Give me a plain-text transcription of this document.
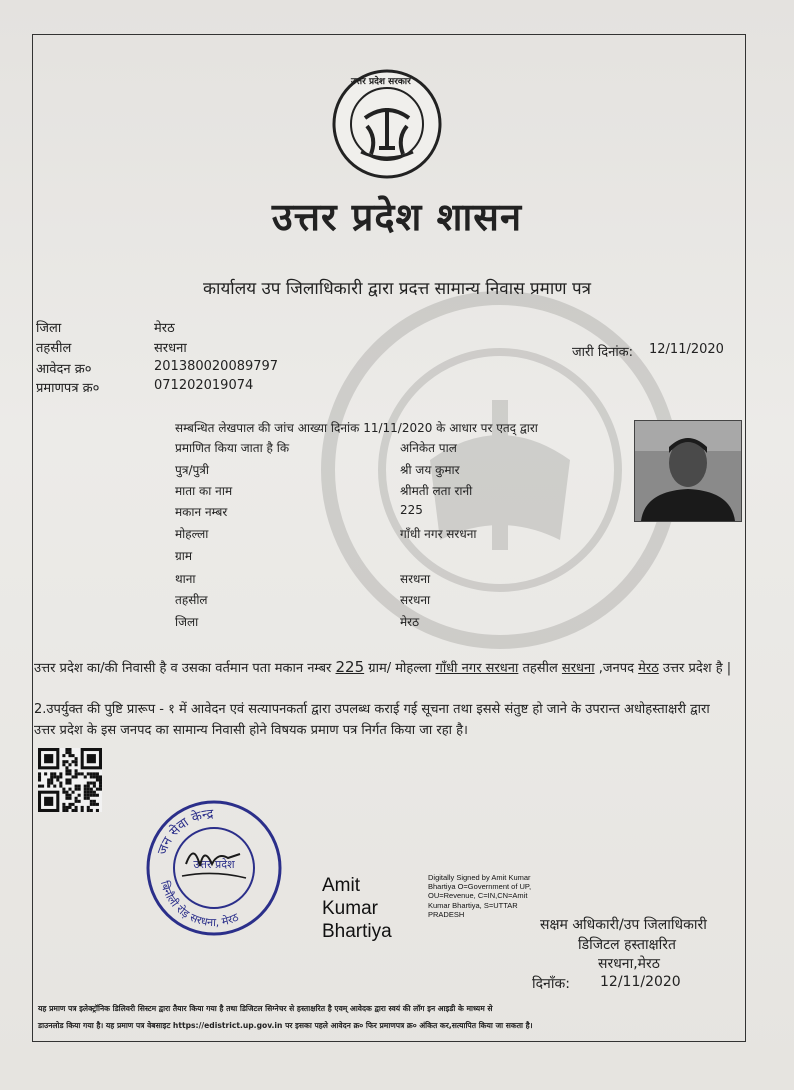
उत्तर प्रदेश सरकार
उत्तर प्रदेश शासन
कार्यालय उप जिलाधिकारी द्वारा प्रदत्त सामान्य निवास प्रमाण पत्र
जिला	मेरठ
तहसील	सरधना
आवेदन क्र०	201380020089797
प्रमाणपत्र क्र०	071202019074
जारी दिनांक: 12/11/2020
सम्बन्धित लेखपाल की जांच आख्या दिनांक 11/11/2020 के आधार पर एतद् द्वारा
प्रमाणित किया जाता है कि	अनिकेत पाल
पुत्र/पुत्री	श्री जय कुमार
माता का नाम	श्रीमती लता रानी
मकान नम्बर	225
मोहल्ला	गाँधी नगर सरधना
ग्राम
थाना	सरधना
तहसील	सरधना
जिला	मेरठ
उत्तर प्रदेश का/की निवासी है व उसका वर्तमान पता मकान नम्बर 225 ग्राम/ मोहल्ला गाँधी नगर सरधना तहसील सरधना ,जनपद मेरठ उत्तर प्रदेश है |
2.उपर्युक्त की पुष्टि प्रारूप - १ में आवेदन एवं सत्यापनकर्ता द्वारा उपलब्ध कराई गई सूचना तथा इससे संतुष्ट हो जाने के उपरान्त अधोहस्ताक्षरी द्वारा उत्तर प्रदेश के इस जनपद का सामान्य निवासी होने विषयक प्रमाण पत्र निर्गत किया जा रहा है।
जन सेवा केन्द्र
बिनौली रोड़ सरधना, मेरठ
उत्तर प्रदेश
Amit Kumar Bhartiya
Digitally Signed by Amit Kumar Bhartiya O=Government of UP, OU=Revenue, C=IN,CN=Amit Kumar Bhartiya, S=UTTAR PRADESH
सक्षम अधिकारी/उप जिलाधिकारी
डिजिटल हस्ताक्षरित
सरधना,मेरठ
दिनाँक: 12/11/2020
यह प्रमाण पत्र इलेक्ट्रॉनिक डिलिवरी सिस्टम द्वारा तैयार किया गया है तथा डिजिटल सिग्नेचर से हस्ताक्षरित है एवम् आवेदक द्वारा स्वयं की लॉग इन आइडी के माध्यम से
डाउनलोड किया गया है। यह प्रमाण पत्र वेबसाइट https://edistrict.up.gov.in पर इसका पहले आवेदन क्र० फिर प्रमाणपत्र क्र० अंकित कर,सत्यापित किया जा सकता है।
